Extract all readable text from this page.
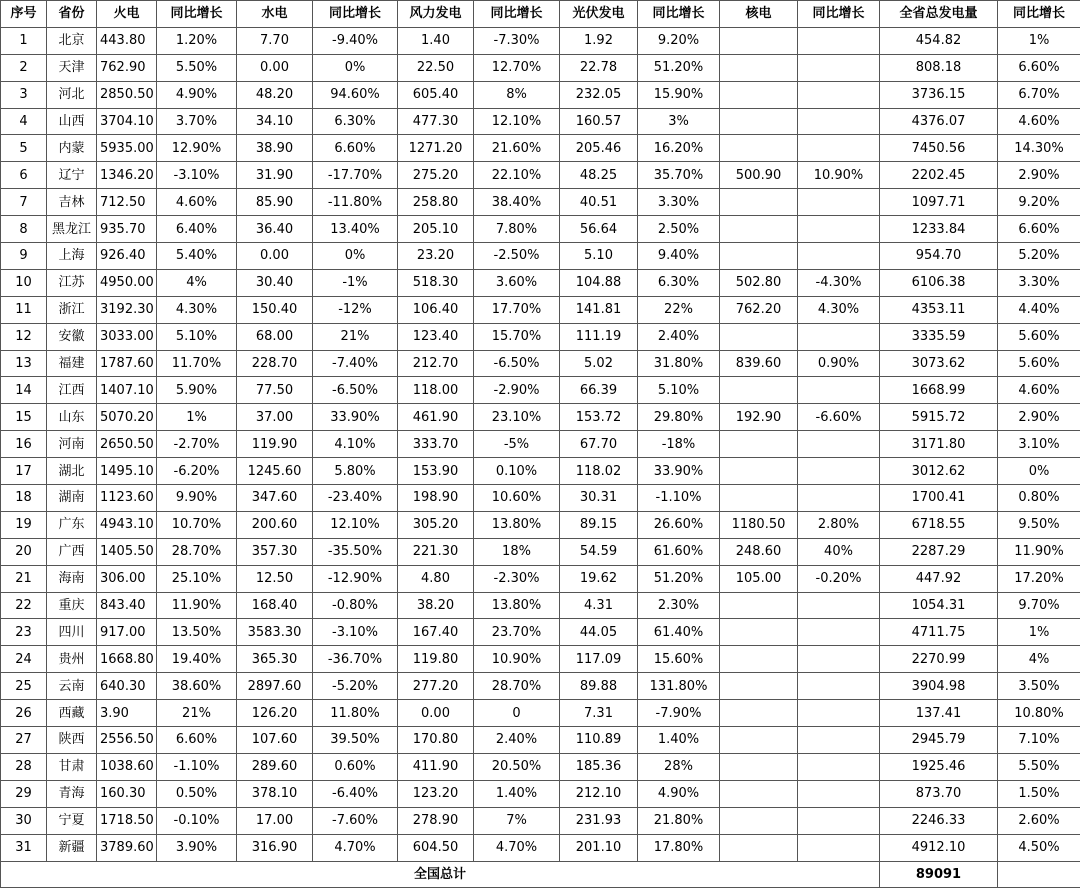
序号	省份	火电	同比增长	水电	同比增长	风力发电	同比增长	光伏发电	同比增长	核电	同比增长	全省总发电量	同比增长
1	北京	443.80	1.20%	7.70	-9.40%	1.40	-7.30%	1.92	9.20%			454.82	1%
2	天津	762.90	5.50%	0.00	0%	22.50	12.70%	22.78	51.20%			808.18	6.60%
3	河北	2850.50	4.90%	48.20	94.60%	605.40	8%	232.05	15.90%			3736.15	6.70%
4	山西	3704.10	3.70%	34.10	6.30%	477.30	12.10%	160.57	3%			4376.07	4.60%
5	内蒙	5935.00	12.90%	38.90	6.60%	1271.20	21.60%	205.46	16.20%			7450.56	14.30%
6	辽宁	1346.20	-3.10%	31.90	-17.70%	275.20	22.10%	48.25	35.70%	500.90	10.90%	2202.45	2.90%
7	吉林	712.50	4.60%	85.90	-11.80%	258.80	38.40%	40.51	3.30%			1097.71	9.20%
8	黑龙江	935.70	6.40%	36.40	13.40%	205.10	7.80%	56.64	2.50%			1233.84	6.60%
9	上海	926.40	5.40%	0.00	0%	23.20	-2.50%	5.10	9.40%			954.70	5.20%
10	江苏	4950.00	4%	30.40	-1%	518.30	3.60%	104.88	6.30%	502.80	-4.30%	6106.38	3.30%
11	浙江	3192.30	4.30%	150.40	-12%	106.40	17.70%	141.81	22%	762.20	4.30%	4353.11	4.40%
12	安徽	3033.00	5.10%	68.00	21%	123.40	15.70%	111.19	2.40%			3335.59	5.60%
13	福建	1787.60	11.70%	228.70	-7.40%	212.70	-6.50%	5.02	31.80%	839.60	0.90%	3073.62	5.60%
14	江西	1407.10	5.90%	77.50	-6.50%	118.00	-2.90%	66.39	5.10%			1668.99	4.60%
15	山东	5070.20	1%	37.00	33.90%	461.90	23.10%	153.72	29.80%	192.90	-6.60%	5915.72	2.90%
16	河南	2650.50	-2.70%	119.90	4.10%	333.70	-5%	67.70	-18%			3171.80	3.10%
17	湖北	1495.10	-6.20%	1245.60	5.80%	153.90	0.10%	118.02	33.90%			3012.62	0%
18	湖南	1123.60	9.90%	347.60	-23.40%	198.90	10.60%	30.31	-1.10%			1700.41	0.80%
19	广东	4943.10	10.70%	200.60	12.10%	305.20	13.80%	89.15	26.60%	1180.50	2.80%	6718.55	9.50%
20	广西	1405.50	28.70%	357.30	-35.50%	221.30	18%	54.59	61.60%	248.60	40%	2287.29	11.90%
21	海南	306.00	25.10%	12.50	-12.90%	4.80	-2.30%	19.62	51.20%	105.00	-0.20%	447.92	17.20%
22	重庆	843.40	11.90%	168.40	-0.80%	38.20	13.80%	4.31	2.30%			1054.31	9.70%
23	四川	917.00	13.50%	3583.30	-3.10%	167.40	23.70%	44.05	61.40%			4711.75	1%
24	贵州	1668.80	19.40%	365.30	-36.70%	119.80	10.90%	117.09	15.60%			2270.99	4%
25	云南	640.30	38.60%	2897.60	-5.20%	277.20	28.70%	89.88	131.80%			3904.98	3.50%
26	西藏	3.90	21%	126.20	11.80%	0.00	0	7.31	-7.90%			137.41	10.80%
27	陕西	2556.50	6.60%	107.60	39.50%	170.80	2.40%	110.89	1.40%			2945.79	7.10%
28	甘肃	1038.60	-1.10%	289.60	0.60%	411.90	20.50%	185.36	28%			1925.46	5.50%
29	青海	160.30	0.50%	378.10	-6.40%	123.20	1.40%	212.10	4.90%			873.70	1.50%
30	宁夏	1718.50	-0.10%	17.00	-7.60%	278.90	7%	231.93	21.80%			2246.33	2.60%
31	新疆	3789.60	3.90%	316.90	4.70%	604.50	4.70%	201.10	17.80%			4912.10	4.50%
全国总计												89091	
